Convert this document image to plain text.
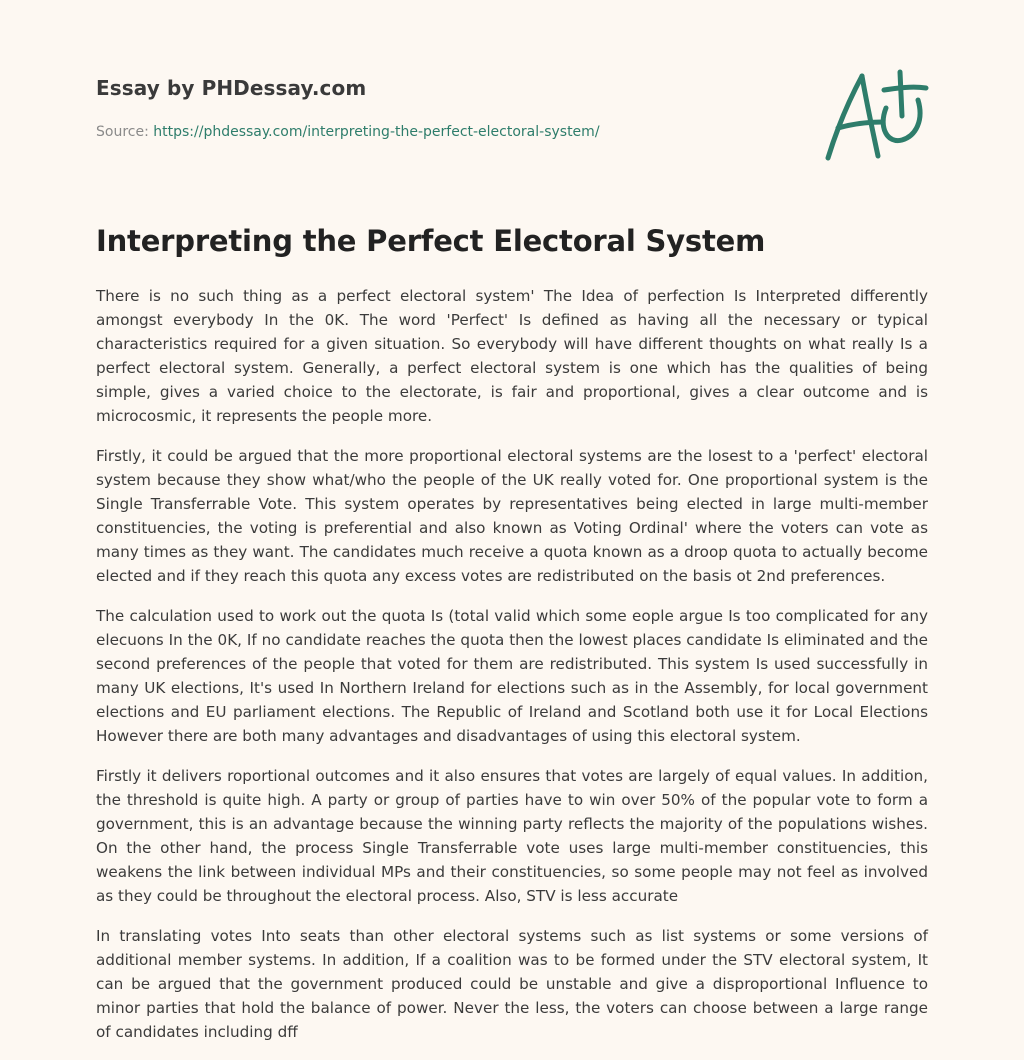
Essay by PHDessay.com
Source: https://phdessay.com/interpreting-the-perfect-electoral-system/
Interpreting the Perfect Electoral System

There is no such thing as a perfect electoral system' The Idea of perfection Is Interpreted differently amongst everybody In the 0K. The word 'Perfect' Is defined as having all the necessary or typical characteristics required for a given situation. So everybody will have different thoughts on what really Is a perfect electoral system. Generally, a perfect electoral system is one which has the qualities of being simple, gives a varied choice to the electorate, is fair and proportional, gives a clear outcome and is microcosmic, it represents the people more.

Firstly, it could be argued that the more proportional electoral systems are the losest to a 'perfect' electoral system because they show what/who the people of the UK really voted for. One proportional system is the Single Transferrable Vote. This system operates by representatives being elected in large multi-member constituencies, the voting is preferential and also known as Voting Ordinal' where the voters can vote as many times as they want. The candidates much receive a quota known as a droop quota to actually become elected and if they reach this quota any excess votes are redistributed on the basis ot 2nd preferences.

The calculation used to work out the quota Is (total valid which some eople argue Is too complicated for any elecuons In the 0K, If no candidate reaches the quota then the lowest places candidate Is eliminated and the second preferences of the people that voted for them are redistributed. This system Is used successfully in many UK elections, It's used In Northern Ireland for elections such as in the Assembly, for local government elections and EU parliament elections. The Republic of Ireland and Scotland both use it for Local Elections However there are both many advantages and disadvantages of using this electoral system.

Firstly it delivers roportional outcomes and it also ensures that votes are largely of equal values. In addition, the threshold is quite high. A party or group of parties have to win over 50% of the popular vote to form a government, this is an advantage because the winning party reflects the majority of the populations wishes. On the other hand, the process Single Transferrable vote uses large multi-member constituencies, this weakens the link between individual MPs and their constituencies, so some people may not feel as involved as they could be throughout the electoral process. Also, STV is less accurate

In translating votes Into seats than other electoral systems such as list systems or some versions of additional member systems. In addition, If a coalition was to be formed under the STV electoral system, It can be argued that the government produced could be unstable and give a disproportional Influence to minor parties that hold the balance of power. Never the less, the voters can choose between a large range of candidates including dff
